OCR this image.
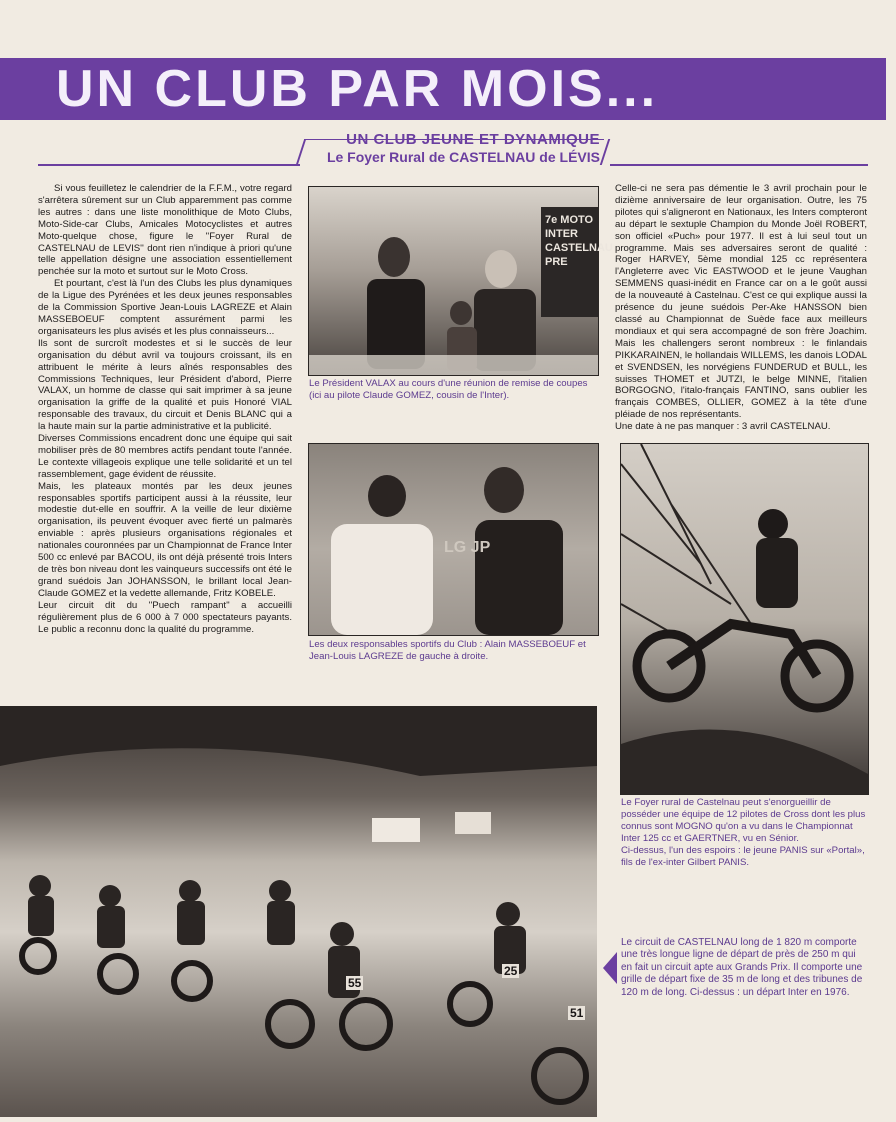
UN CLUB PAR MOIS...
UN CLUB JEUNE ET DYNAMIQUE
Le Foyer Rural de CASTELNAU de LÉVIS

Si vous feuilletez le calendrier de la F.F.M., votre regard s'arrêtera sûrement sur un Club apparemment pas comme les autres : dans une liste monolithique de Moto Clubs, Moto-Side-car Clubs, Amicales Motocyclistes et autres Moto-quelque chose, figure le ''Foyer Rural de CASTELNAU de LEVIS'' dont rien n'indique à priori qu'une telle appellation désigne une association essentiellement penchée sur la moto et surtout sur le Moto Cross.

Et pourtant, c'est là l'un des Clubs les plus dynamiques de la Ligue des Pyrénées et les deux jeunes responsables de la Commission Sportive Jean-Louis LAGREZE et Alain MASSEBOEUF comptent assurément parmi les organisateurs les plus avisés et les plus connaisseurs...

Ils sont de surcroît modestes et si le succès de leur organisation du début avril va toujours croissant, ils en attribuent le mérite à leurs aînés responsables des Commissions Techniques, leur Président d'abord, Pierre VALAX, un homme de classe qui sait imprimer à sa jeune organisation la griffe de la qualité et puis Honoré VIAL responsable des travaux, du circuit et Denis BLANC qui a la haute main sur la partie administrative et la publicité.

Diverses Commissions encadrent donc une équipe qui sait mobiliser près de 80 membres actifs pendant toute l'année. Le contexte villageois explique une telle solidarité et un tel rassemblement, gage évident de réussite.

Mais, les plateaux montés par les deux jeunes responsables sportifs participent aussi à la réussite, leur modestie dut-elle en souffrir. A la veille de leur dixième organisation, ils peuvent évoquer avec fierté un palmarès enviable : après plusieurs organisations régionales et nationales couronnées par un Championnat de France Inter 500 cc enlevé par BACOU, ils ont déjà présenté trois Inters de très bon niveau dont les vainqueurs successifs ont été le grand suédois Jan JOHANSSON, le brillant local Jean-Claude GOMEZ et la vedette allemande, Fritz KOBELE.

Leur circuit dit du ''Puech rampant'' a accueilli régulièrement plus de 6 000 à 7 000 spectateurs payants. Le public a reconnu donc la qualité du programme.

7e MOTO INTER CASTELNAU PRE
Le Président VALAX au cours d'une réunion de remise de coupes (ici au pilote Claude GOMEZ, cousin de l'Inter).

Celle-ci ne sera pas démentie le 3 avril prochain pour le dizième anniversaire de leur organisation. Outre, les 75 pilotes qui s'aligneront en Nationaux, les Inters compteront au départ le sextuple Champion du Monde Joël ROBERT, son officiel «Puch» pour 1977. Il est à lui seul tout un programme. Mais ses adversaires seront de qualité : Roger HARVEY, 5ème mondial 125 cc représentera l'Angleterre avec Vic EASTWOOD et le jeune Vaughan SEMMENS quasi-inédit en France car on a le goût aussi de la nouveauté à Castelnau. C'est ce qui explique aussi la présence du jeune suédois Per-Ake HANSSON bien classé au Championnat de Suède face aux meilleurs mondiaux et qui sera accompagné de son frère Joachim. Mais les challengers seront nombreux : le finlandais PIKKARAINEN, le hollandais WILLEMS, les danois LODAL et SVENDSEN, les norvégiens FUNDERUD et BULL, les suisses THOMET et JUTZI, le belge MINNE, l'italien BORGOGNO, l'italo-français FANTINO, sans oublier les français COMBES, OLLIER, GOMEZ à la tête d'une pléiade de nos représentants.

Une date à ne pas manquer : 3 avril CASTELNAU.

LG JP
Les deux responsables sportifs du Club : Alain MASSEBOEUF et Jean-Louis LAGREZE de gauche à droite.
Le Foyer rural de Castelnau peut s'enorgueillir de posséder une équipe de 12 pilotes de Cross dont les plus connus sont MOGNO qu'on a vu dans le Championnat Inter 125 cc et GAERTNER, vu en Sénior.
Ci-dessus, l'un des espoirs : le jeune PANIS sur «Portal», fils de l'ex-inter Gilbert PANIS.
55
25
51
Le circuit de CASTELNAU long de 1 820 m comporte une très longue ligne de départ de près de 250 m qui en fait un circuit apte aux Grands Prix. Il comporte une grille de départ fixe de 35 m de long et des tribunes de 120 m de long. Ci-dessus : un départ Inter en 1976.
